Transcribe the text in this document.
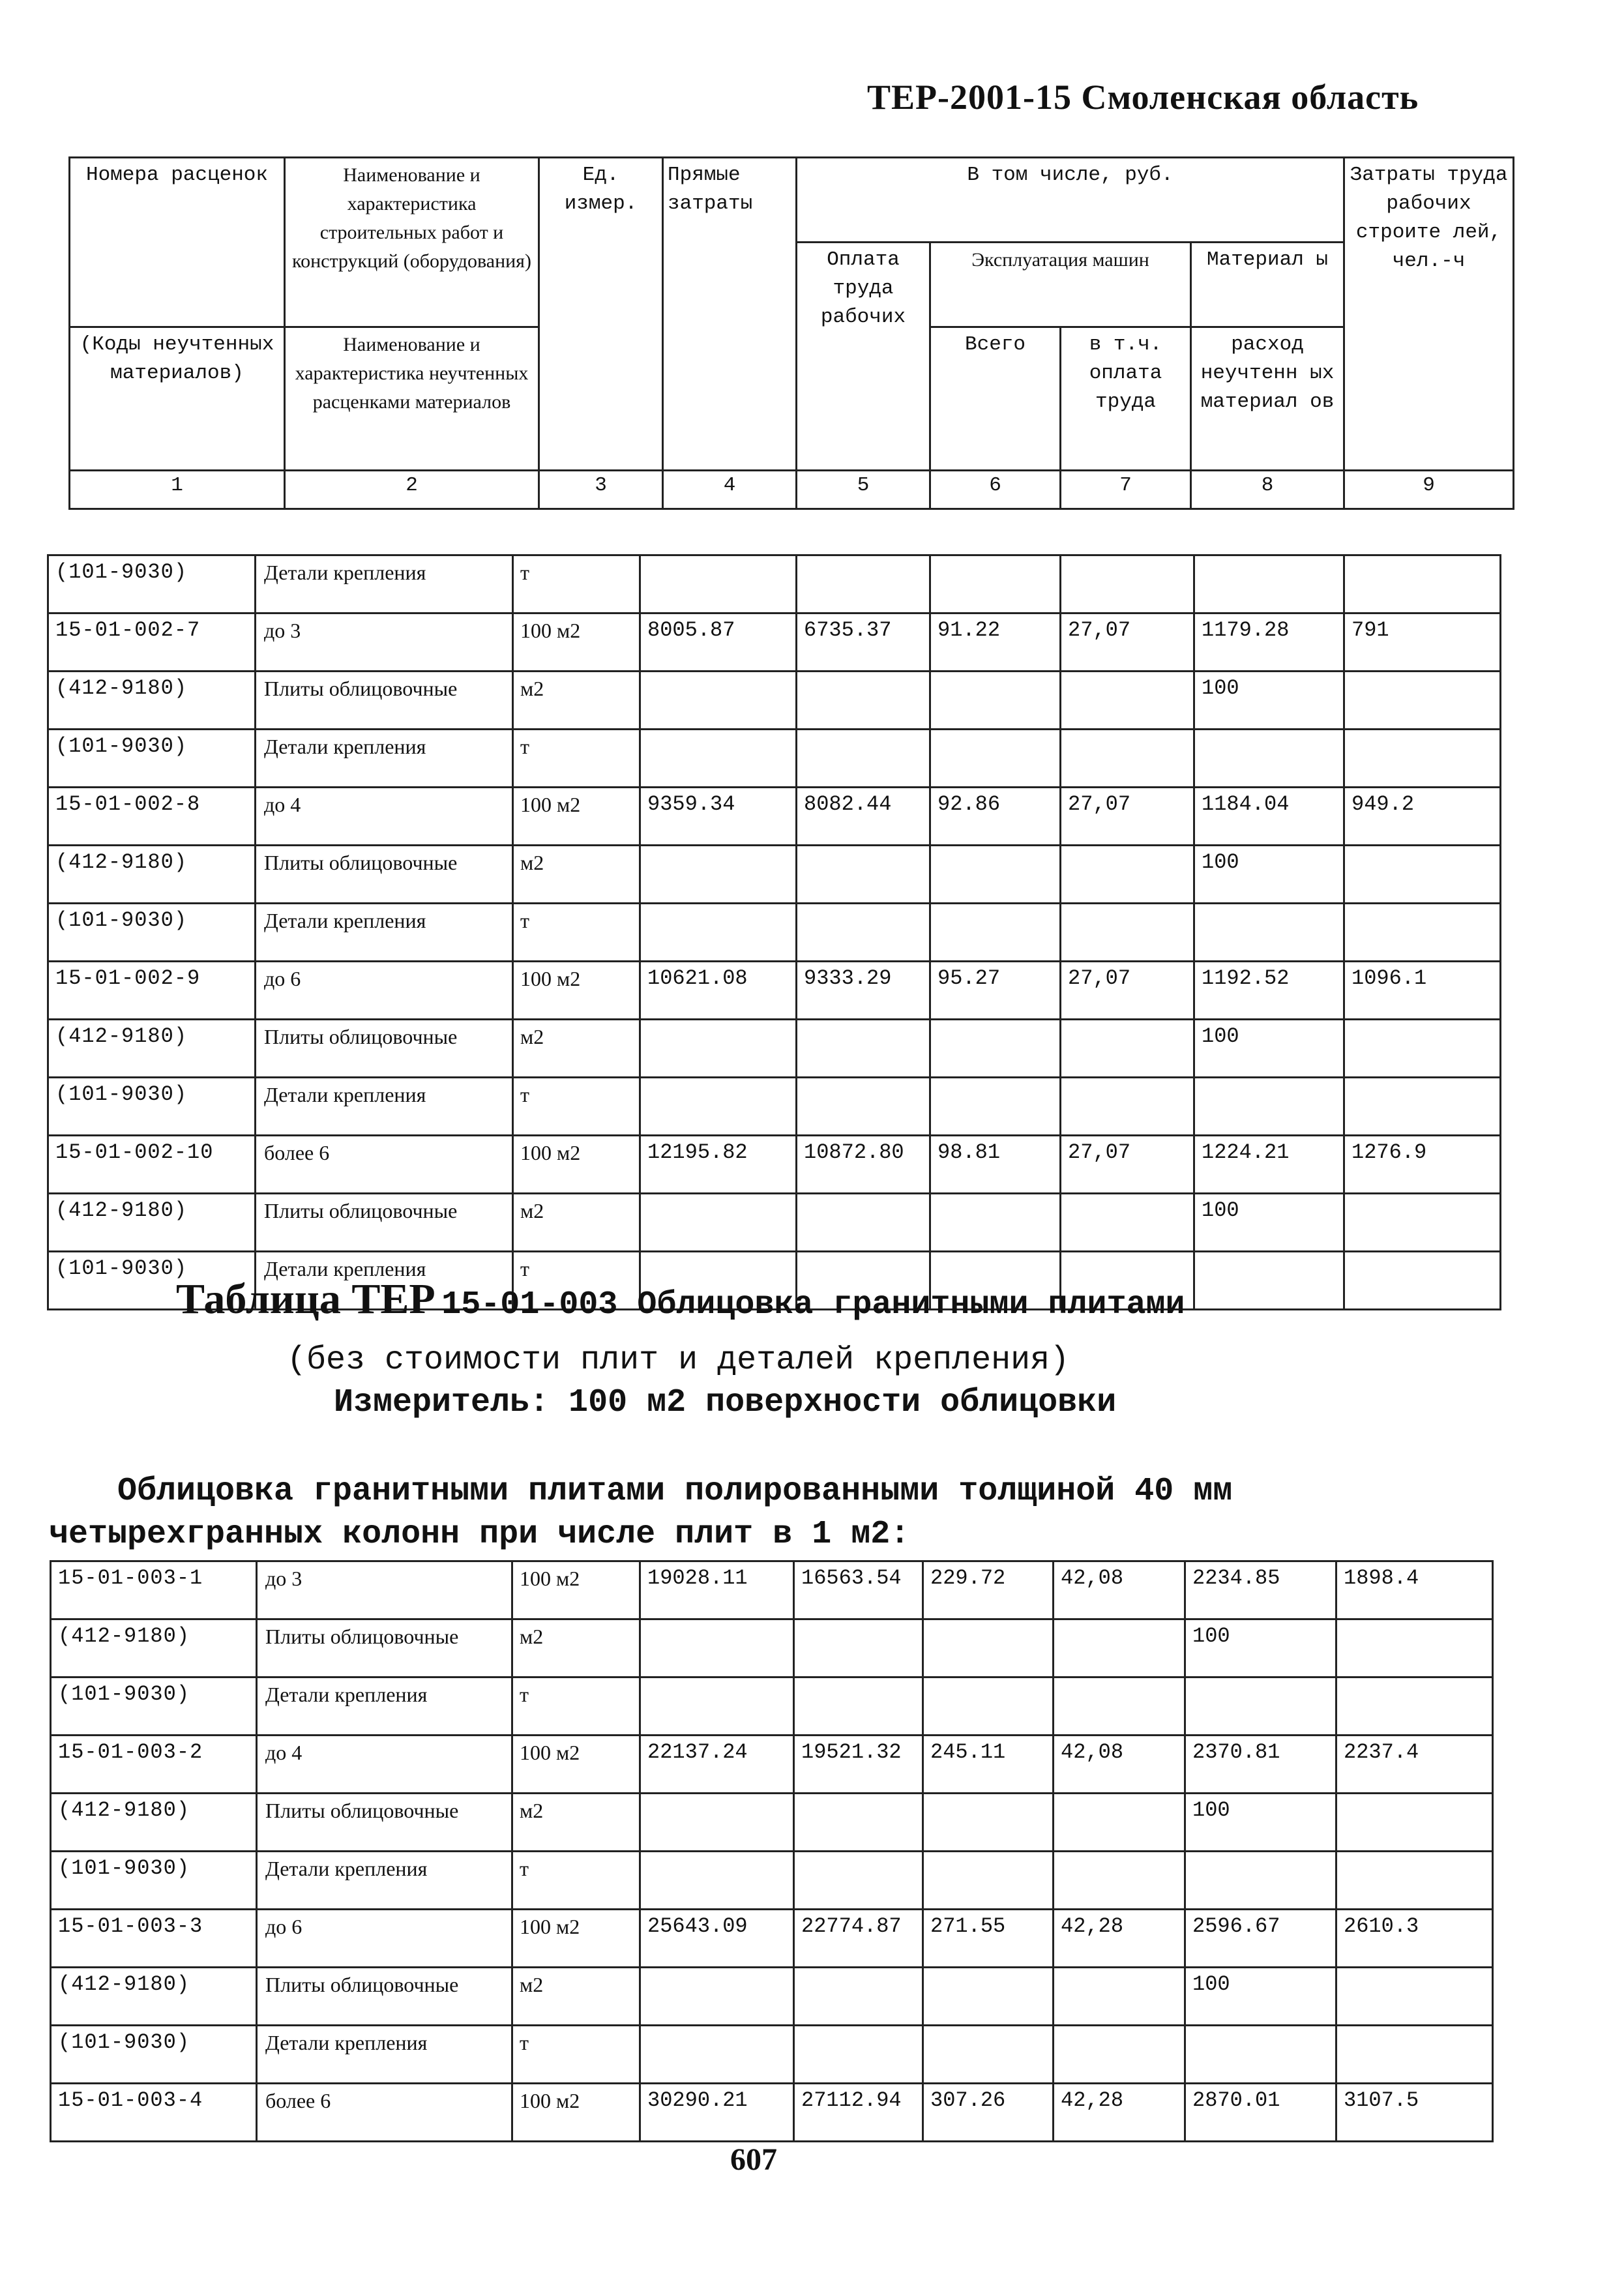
ТЕР-2001-15 Смоленская область
Номера расценок	Наименование и характеристика строительных работ и конструкций (оборудования)	Ед. измер.	Прямые затраты	В том числе, руб.				Затраты труда рабочих строите лей, чел.-ч
				Оплата труда рабочих	Эксплуатация машин		Материал ы	
(Коды неучтенных материалов)	Наименование и характеристика неучтенных расценками материалов				Всего	в т.ч. оплата труда	расход неучтенн ых материал ов	
1	2	3	4	5	6	7	8	9
(101-9030)	Детали крепления	т						
15-01-002-7	до 3	100 м2	8005.87	6735.37	91.22	27,07	1179.28	791
(412-9180)	Плиты облицовочные	м2					100	
(101-9030)	Детали крепления	т						
15-01-002-8	до 4	100 м2	9359.34	8082.44	92.86	27,07	1184.04	949.2
(412-9180)	Плиты облицовочные	м2					100	
(101-9030)	Детали крепления	т						
15-01-002-9	до 6	100 м2	10621.08	9333.29	95.27	27,07	1192.52	1096.1
(412-9180)	Плиты облицовочные	м2					100	
(101-9030)	Детали крепления	т						
15-01-002-10	более 6	100 м2	12195.82	10872.80	98.81	27,07	1224.21	1276.9
(412-9180)	Плиты облицовочные	м2					100	
(101-9030)	Детали крепления	т						
Таблица ТЕР 15-01-003 Облицовка гранитными плитами
(без стоимости плит и деталей крепления)
Измеритель: 100 м2 поверхности облицовки
Облицовка гранитными плитами полированными толщиной 40 мм
четырехгранных колонн при числе плит в 1 м2:
15-01-003-1	до 3	100 м2	19028.11	16563.54	229.72	42,08	2234.85	1898.4
(412-9180)	Плиты облицовочные	м2					100	
(101-9030)	Детали крепления	т						
15-01-003-2	до 4	100 м2	22137.24	19521.32	245.11	42,08	2370.81	2237.4
(412-9180)	Плиты облицовочные	м2					100	
(101-9030)	Детали крепления	т						
15-01-003-3	до 6	100 м2	25643.09	22774.87	271.55	42,28	2596.67	2610.3
(412-9180)	Плиты облицовочные	м2					100	
(101-9030)	Детали крепления	т						
15-01-003-4	более 6	100 м2	30290.21	27112.94	307.26	42,28	2870.01	3107.5
607
